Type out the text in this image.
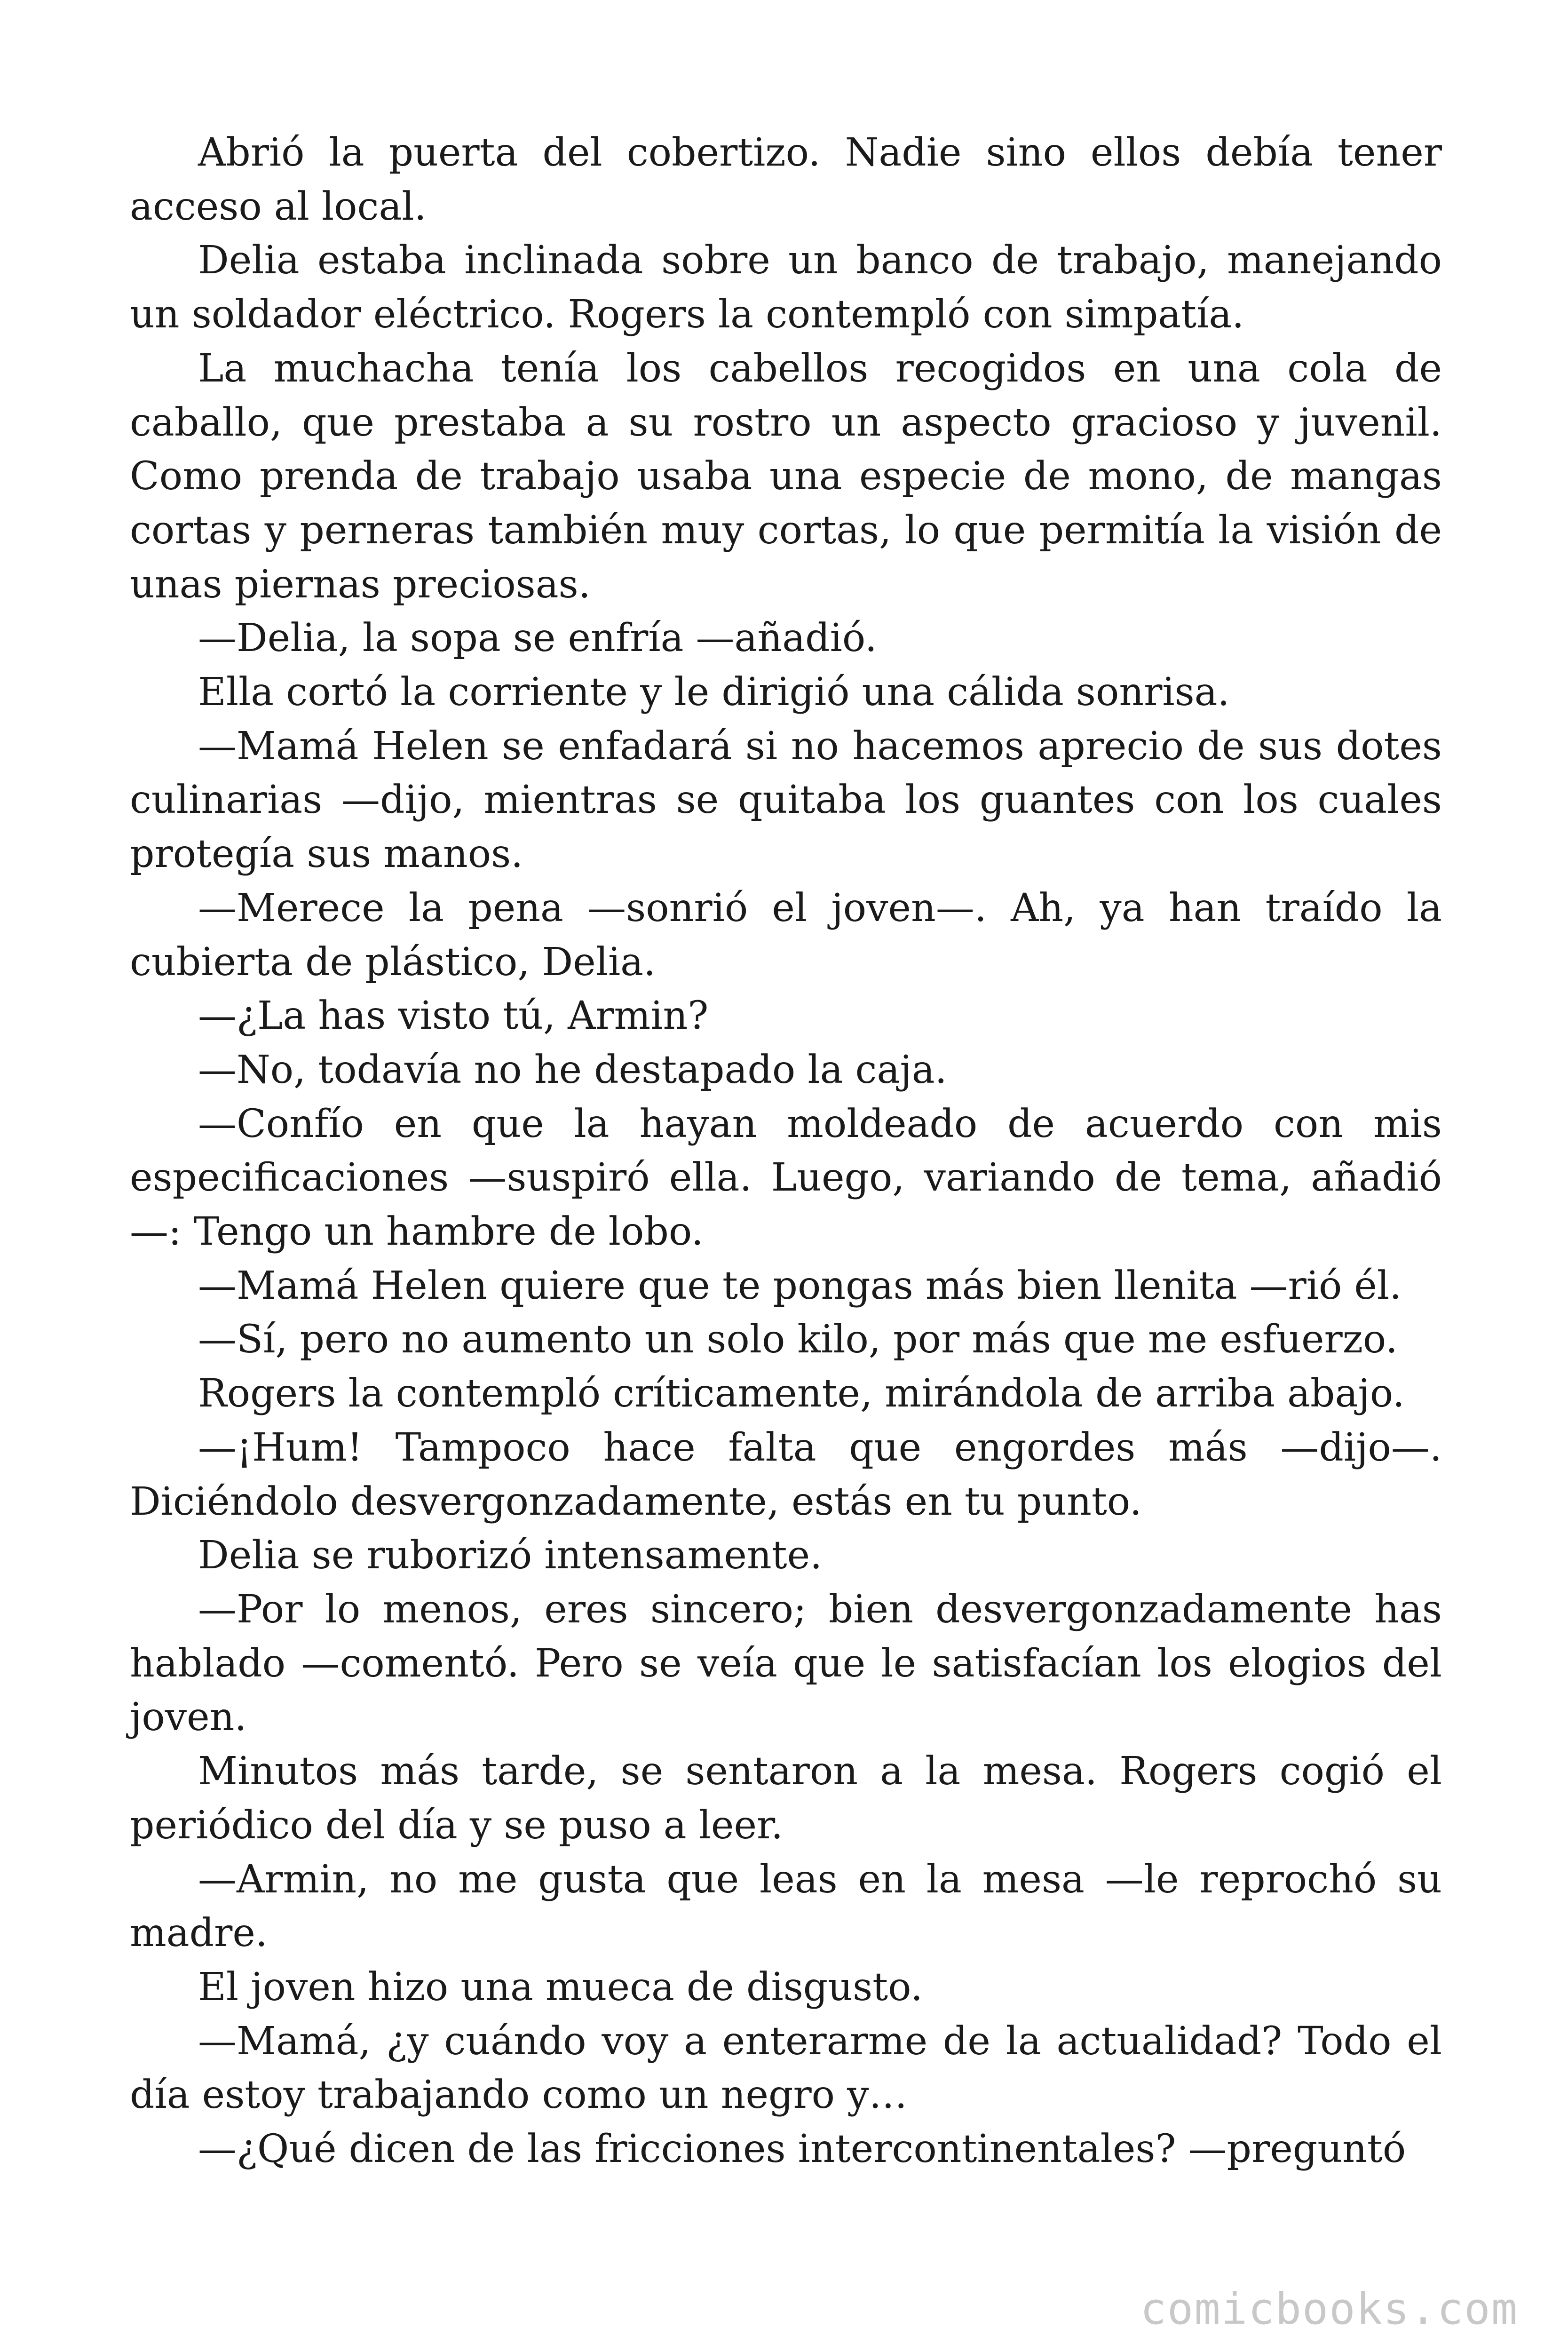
Abrió la puerta del cobertizo. Nadie sino ellos debía tener acceso al local.

Delia estaba inclinada sobre un banco de trabajo, manejando un soldador eléctrico. Rogers la contempló con simpatía.

La muchacha tenía los cabellos recogidos en una cola de caballo, que prestaba a su rostro un aspecto gracioso y juvenil. Como prenda de trabajo usaba una especie de mono, de mangas cortas y perneras también muy cortas, lo que permitía la visión de unas piernas preciosas.

—Delia, la sopa se enfría —añadió.

Ella cortó la corriente y le dirigió una cálida sonrisa.

—Mamá Helen se enfadará si no hacemos aprecio de sus dotes culinarias —dijo, mientras se quitaba los guantes con los cuales protegía sus manos.

—Merece la pena —sonrió el joven—. Ah, ya han traído la cubierta de plástico, Delia.

—¿La has visto tú, Armin?

—No, todavía no he destapado la caja.

—Confío en que la hayan moldeado de acuerdo con mis especificaciones —suspiró ella. Luego, variando de tema, añadió—: Tengo un hambre de lobo.

—Mamá Helen quiere que te pongas más bien llenita —rió él.

—Sí, pero no aumento un solo kilo, por más que me esfuerzo.

Rogers la contempló críticamente, mirándola de arriba abajo.

—¡Hum! Tampoco hace falta que engordes más —dijo—. Diciéndolo desvergonzadamente, estás en tu punto.

Delia se ruborizó intensamente.

—Por lo menos, eres sincero; bien desvergonzadamente has hablado —comentó. Pero se veía que le satisfacían los elogios del joven.

Minutos más tarde, se sentaron a la mesa. Rogers cogió el periódico del día y se puso a leer.

—Armin, no me gusta que leas en la mesa —le reprochó su madre.

El joven hizo una mueca de disgusto.

—Mamá, ¿y cuándo voy a enterarme de la actualidad? Todo el día estoy trabajando como un negro y…

—¿Qué dicen de las fricciones intercontinentales? —preguntó

comicbooks.com
